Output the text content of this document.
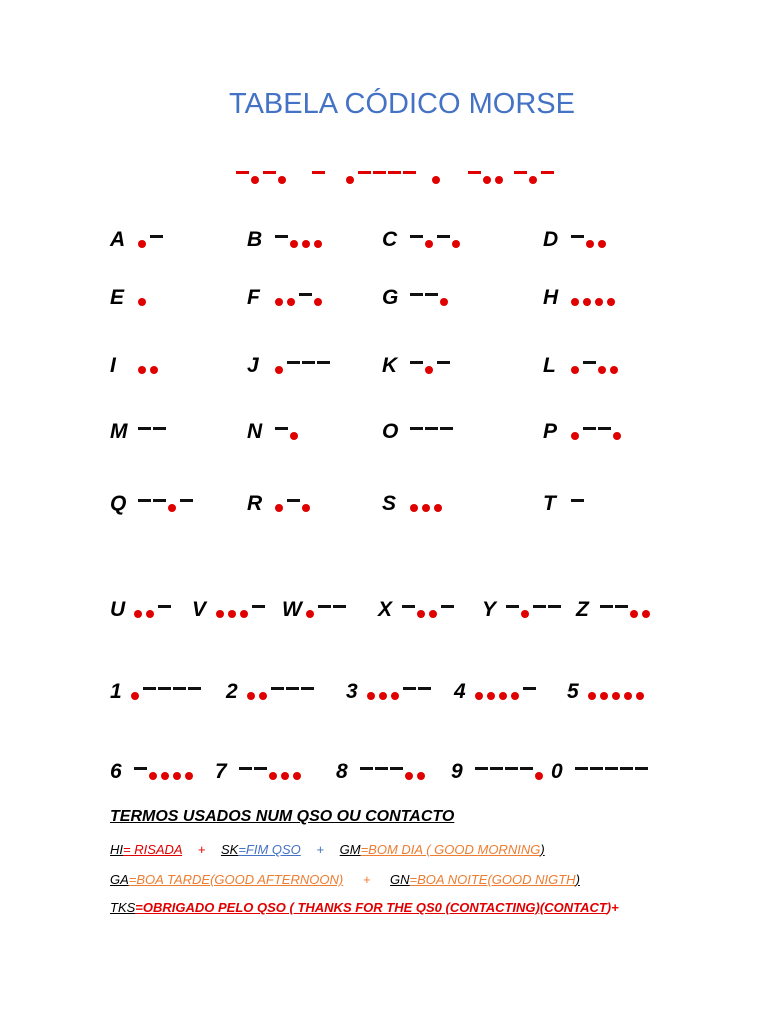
TABELA CÓDICO MORSE
A	B	C	D
E	F	G	H
I	J	K	L
M	N	O	P
Q	R	S	T
U	V	W	X	Y	Z
1	2	3	4	5
6	7	8	9	0
TERMOS USADOS NUM QSO OU CONTACTO
HI= RISADA + SK=FIM QSO + GM=BOM DIA ( GOOD MORNING)
GA=BOA TARDE(GOOD AFTERNOON) + GN=BOA NOITE(GOOD NIGTH)
TKS=OBRIGADO PELO QSO ( THANKS FOR THE QS0 (CONTACTING)(CONTACT)+
